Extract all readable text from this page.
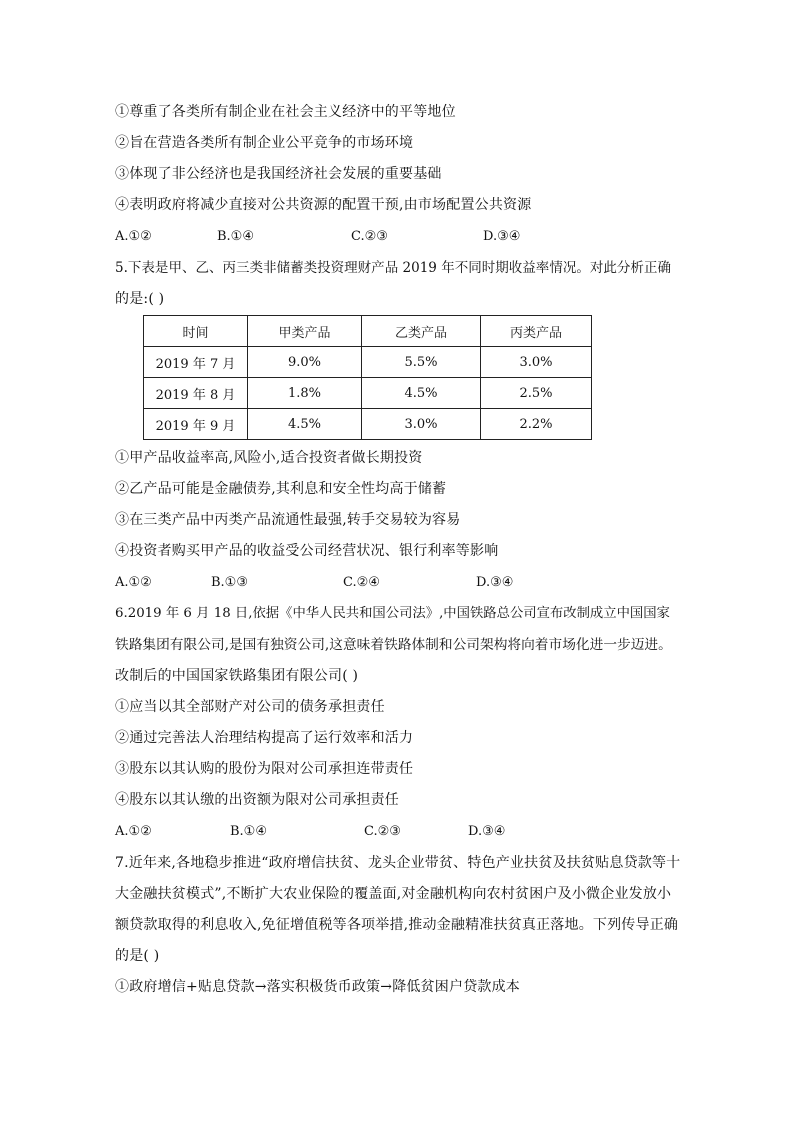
①尊重了各类所有制企业在社会主义经济中的平等地位
②旨在营造各类所有制企业公平竞争的市场环境
③体现了非公经济也是我国经济社会发展的重要基础
④表明政府将减少直接对公共资源的配置干预,由市场配置公共资源
A.①②	B.①④	C.②③	D.③④
5.下表是甲、乙、丙三类非储蓄类投资理财产品 2019 年不同时期收益率情况。对此分析正确
的是:( )
时间	甲类产品	乙类产品	丙类产品
2019 年 7 月	9.0%	5.5%	3.0%
2019 年 8 月	1.8%	4.5%	2.5%
2019 年 9 月	4.5%	3.0%	2.2%
①甲产品收益率高,风险小,适合投资者做长期投资
②乙产品可能是金融债券,其利息和安全性均高于储蓄
③在三类产品中丙类产品流通性最强,转手交易较为容易
④投资者购买甲产品的收益受公司经营状况、银行利率等影响
A.①②	B.①③	C.②④	D.③④
6.2019 年 6 月 18 日,依据《中华人民共和国公司法》,中国铁路总公司宣布改制成立中国国家
铁路集团有限公司,是国有独资公司,这意味着铁路体制和公司架构将向着市场化进一步迈进。
改制后的中国国家铁路集团有限公司( )
①应当以其全部财产对公司的债务承担责任
②通过完善法人治理结构提高了运行效率和活力
③股东以其认购的股份为限对公司承担连带责任
④股东以其认缴的出资额为限对公司承担责任
A.①②	B.①④	C.②③	D.③④
7.近年来,各地稳步推进“政府增信扶贫、龙头企业带贫、特色产业扶贫及扶贫贴息贷款等十
大金融扶贫模式”,不断扩大农业保险的覆盖面,对金融机构向农村贫困户及小微企业发放小
额贷款取得的利息收入,免征增值税等各项举措,推动金融精准扶贫真正落地。下列传导正确
的是( )
①政府增信+贴息贷款→落实积极货币政策→降低贫困户贷款成本
